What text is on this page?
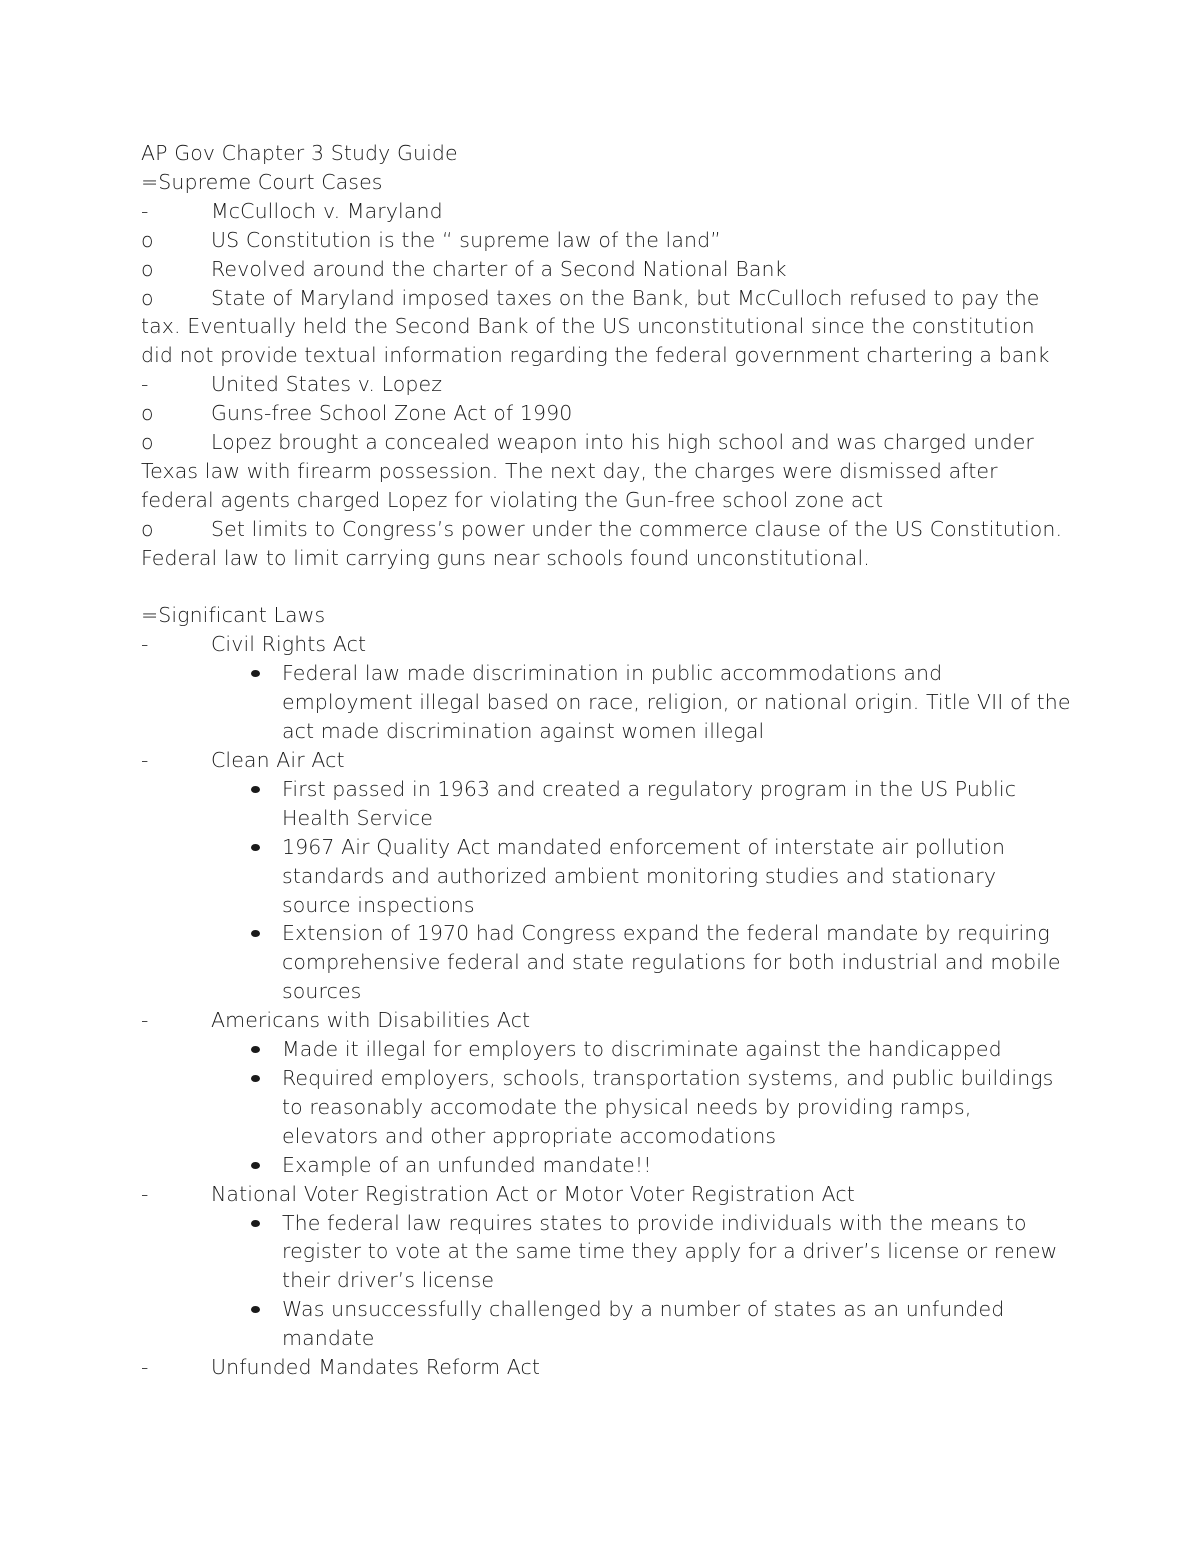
AP Gov Chapter 3 Study Guide
=Supreme Court Cases
-	McCulloch v. Maryland
o	US Constitution is the “ supreme law of the land”
o	Revolved around the charter of a Second National Bank
o	State of Maryland imposed taxes on the Bank, but McCulloch refused to pay the tax. Eventually held the Second Bank of the US unconstitutional since the constitution did not provide textual information regarding the federal government chartering a bank
-	United States v. Lopez
o	Guns-free School Zone Act of 1990
o	Lopez brought a concealed weapon into his high school and was charged under Texas law with firearm possession. The next day, the charges were dismissed after federal agents charged Lopez for violating the Gun-free school zone act
o	Set limits to Congress’s power under the commerce clause of the US Constitution. Federal law to limit carrying guns near schools found unconstitutional.
=Significant Laws
-	Civil Rights Act
Federal law made discrimination in public accommodations and employment illegal based on race, religion, or national origin. Title VII of the act made discrimination against women illegal
-	Clean Air Act
First passed in 1963 and created a regulatory program in the US Public Health Service
1967 Air Quality Act mandated enforcement of interstate air pollution standards and authorized ambient monitoring studies and stationary source inspections
Extension of 1970 had Congress expand the federal mandate by requiring comprehensive federal and state regulations for both industrial and mobile sources
-	Americans with Disabilities Act
Made it illegal for employers to discriminate against the handicapped
Required employers, schools, transportation systems, and public buildings to reasonably accomodate the physical needs by providing ramps, elevators and other appropriate accomodations
Example of an unfunded mandate!!
-	National Voter Registration Act or Motor Voter Registration Act
The federal law requires states to provide individuals with the means to register to vote at the same time they apply for a driver’s license or renew their driver’s license
Was unsuccessfully challenged by a number of states as an unfunded mandate
-	Unfunded Mandates Reform Act
